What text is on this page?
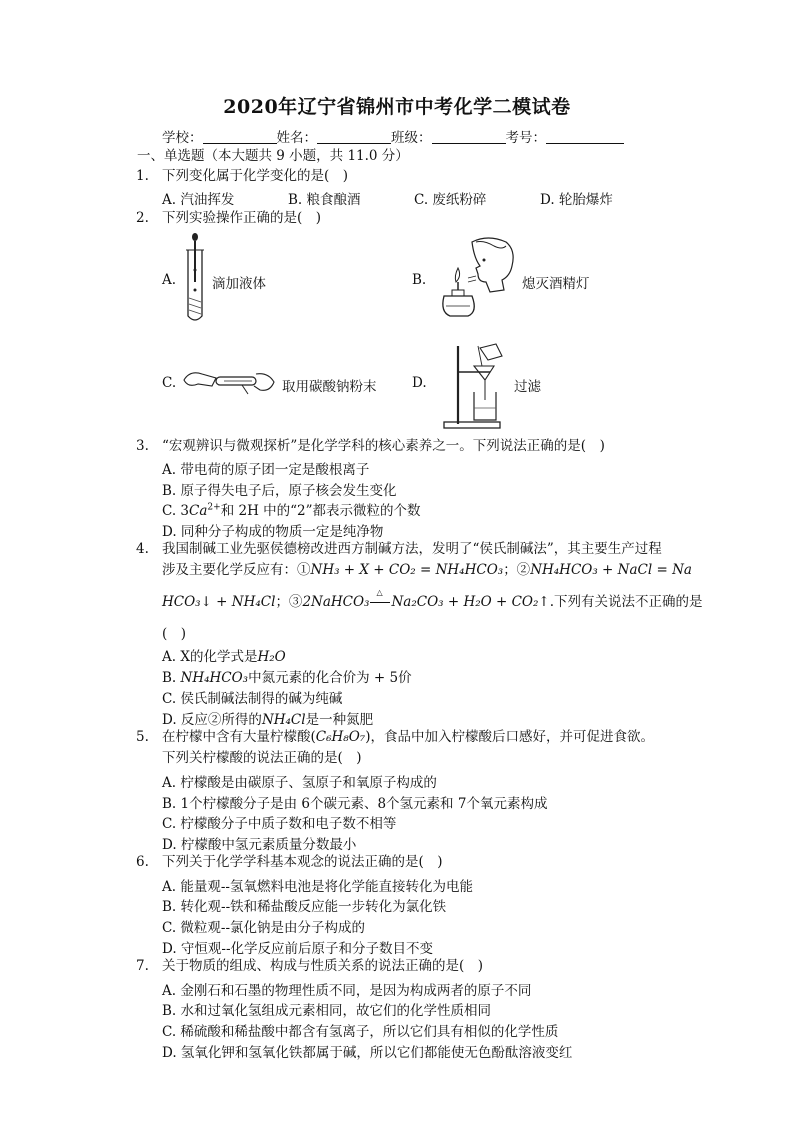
2020年辽宁省锦州市中考化学二模试卷
学校：	姓名：	班级：	考号：
一、单选题（本大题共 9 小题，共 11.0 分）
1. 下列变化属于化学变化的是(　)
A. 汽油挥发	B. 粮食酿酒	C. 废纸粉碎	D. 轮胎爆炸
2. 下列实验操作正确的是(　)
A.	滴加液体	B.	熄灭酒精灯
C.	取用碳酸钠粉末	D.	过滤
3. “宏观辨识与微观探析”是化学学科的核心素养之一。下列说法正确的是(　)
A. 带电荷的原子团一定是酸根离子
B. 原子得失电子后，原子核会发生变化
C. $3Ca^{2+}$和 2H 中的“2”都表示微粒的个数
D. 同种分子构成的物质一定是纯净物
4. 我国制碱工业先驱侯德榜改进西方制碱方法，发明了“侯氏制碱法”，其主要生产过程
涉及主要化学反应有：①NH₃ + X + CO₂ = NH₄HCO₃；②NH₄HCO₃ + NaCl = Na
HCO₃↓ + NH₄Cl；③2NaHCO₃
△
Na₂CO₃ + H₂O + CO₂↑.下列有关说法不正确的是
(　)
A. X的化学式是H₂O
B. NH₄HCO₃中氮元素的化合价为 + 5价
C. 侯氏制碱法制得的碱为纯碱
D. 反应②所得的NH₄Cl是一种氮肥
5. 在柠檬中含有大量柠檬酸(C₆H₈O₇)，食品中加入柠檬酸后口感好，并可促进食欲。
下列关柠檬酸的说法正确的是(　)
A. 柠檬酸是由碳原子、氢原子和氧原子构成的
B. 1个柠檬酸分子是由 6个碳元素、8个氢元素和 7个氧元素构成
C. 柠檬酸分子中质子数和电子数不相等
D. 柠檬酸中氢元素质量分数最小
6. 下列关于化学学科基本观念的说法正确的是(　)
A. 能量观--氢氧燃料电池是将化学能直接转化为电能
B. 转化观--铁和稀盐酸反应能一步转化为氯化铁
C. 微粒观--氯化钠是由分子构成的
D. 守恒观--化学反应前后原子和分子数目不变
7. 关于物质的组成、构成与性质关系的说法正确的是(　)
A. 金刚石和石墨的物理性质不同，是因为构成两者的原子不同
B. 水和过氧化氢组成元素相同，故它们的化学性质相同
C. 稀硫酸和稀盐酸中都含有氢离子，所以它们具有相似的化学性质
D. 氢氧化钾和氢氧化铁都属于碱，所以它们都能使无色酚酞溶液变红
